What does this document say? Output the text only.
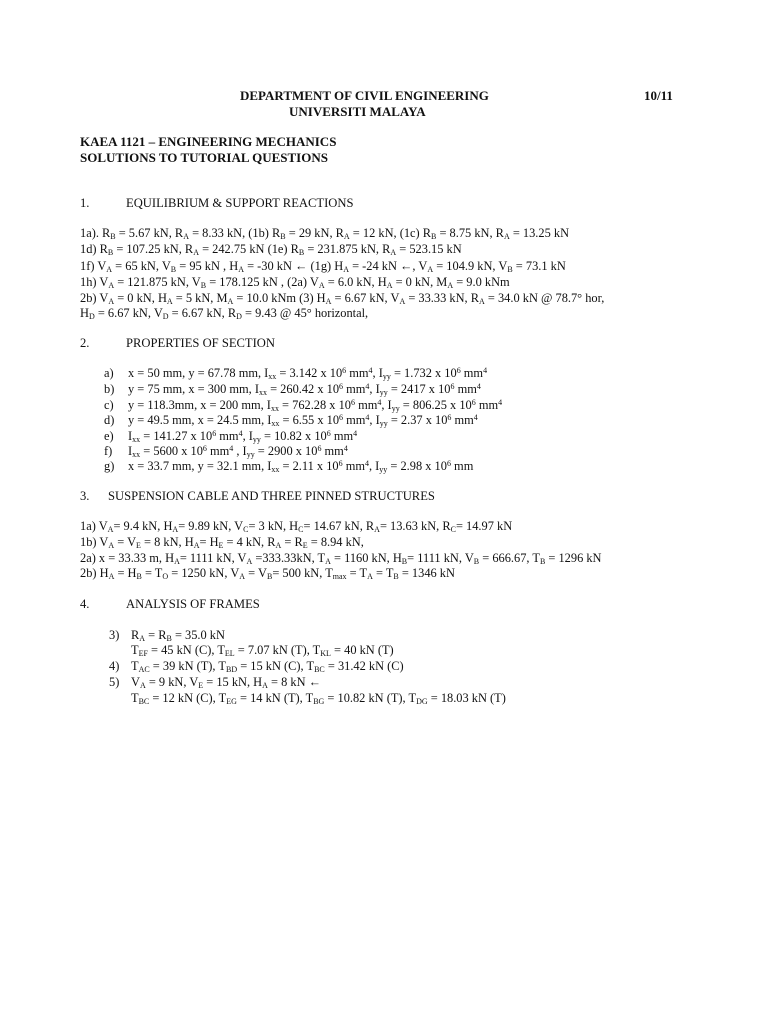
DEPARTMENT OF CIVIL ENGINEERING	10/11
UNIVERSITI MALAYA
KAEA 1121 – ENGINEERING MECHANICS
SOLUTIONS TO TUTORIAL QUESTIONS
1.	EQUILIBRIUM & SUPPORT REACTIONS
1a). $R_B = 5.67$ kN, $R_A = 8.33$ kN, (1b) $R_B = 29$ kN, $R_A = 12$ kN, (1c) $R_B = 8.75$ kN, $R_A = 13.25$ kN
1d) $R_B = 107.25$ kN, $R_A = 242.75$ kN (1e) $R_B = 231.875$ kN, $R_A = 523.15$ kN
1f) $V_A = 65$ kN, $V_B = 95$ kN , $H_A = -30$ kN ← (1g) $H_A = -24$ kN ←, $V_A = 104.9$ kN, $V_B = 73.1$ kN
1h) $V_A = 121.875$ kN, $V_B = 178.125$ kN , (2a) $V_A = 6.0$ kN, $H_A = 0$ kN, $M_A = 9.0$ kNm
2b) $V_A = 0$ kN, $H_A = 5$ kN, $M_A = 10.0$ kNm (3) $H_A = 6.67$ kN, $V_A = 33.33$ kN, $R_A = 34.0$ kN @ 78.7° hor,
$H_D = 6.67$ kN, $V_D = 6.67$ kN, $R_D = 9.43$ @ 45° horizontal,
2.	PROPERTIES OF SECTION
a) x = 50 mm, y = 67.78 mm, $I_{xx} = 3.142$ x $10^6$ $mm^4$, $I_{yy} = 1.732$ x $10^6$ $mm^4$
b) y = 75 mm, x = 300 mm, $I_{xx} = 260.42$ x $10^6$ $mm^4$, $I_{yy} = 2417$ x $10^6$ $mm^4$
c) y = 118.3mm, x = 200 mm, $I_{xx} = 762.28$ x $10^6$ $mm^4$, $I_{yy} = 806.25$ x $10^6$ $mm^4$
d) y = 49.5 mm, x = 24.5 mm, $I_{xx} = 6.55$ x $10^6$ $mm^4$, $I_{yy} = 2.37$ x $10^6$ $mm^4$
e) $I_{xx} = 141.27$ x $10^6$ $mm^4$, $I_{yy} = 10.82$ x $10^6$ $mm^4$
f) $I_{xx} = 5600$ x $10^6$ $mm^4$ , $I_{yy} = 2900$ x $10^6$ $mm^4$
g) x = 33.7 mm, y = 32.1 mm, $I_{xx} = 2.11$ x $10^6$ $mm^4$, $I_{yy} = 2.98$ x $10^6$ mm
3. SUSPENSION CABLE AND THREE PINNED STRUCTURES
1a) $V_A= 9.4$ kN, $H_A= 9.89$ kN, $V_C= 3$ kN, $H_C= 14.67$ kN, $R_A= 13.63$ kN, $R_C= 14.97$ kN
1b) $V_A = V_E = 8$ kN, $H_A= H_E = 4$ kN, $R_A = R_E = 8.94$ kN,
2a) x = 33.33 m, $H_A= 1111$ kN, $V_A =333.33kN$, $T_A = 1160$ kN, $H_B= 1111$ kN, $V_B = 666.67$, $T_B = 1296$ kN
2b) $H_A = H_B = T_O = 1250$ kN, $V_A = V_B= 500$ kN, $T_{max} = T_A = T_B = 1346$ kN
4.	ANALYSIS OF FRAMES
3) $R_A = R_B = 35.0$ kN
$T_{EF} = 45$ kN (C), $T_{EL} = 7.07$ kN (T), $T_{KL} = 40$ kN (T)
4) $T_{AC} = 39$ kN (T), $T_{BD} = 15$ kN (C), $T_{BC} = 31.42$ kN (C)
5) $V_A = 9$ kN, $V_E = 15$ kN, $H_A = 8$ kN ←
$T_{BC} = 12$ kN (C), $T_{EG} = 14$ kN (T), $T_{BG} = 10.82$ kN (T), $T_{DG} = 18.03$ kN (T)
